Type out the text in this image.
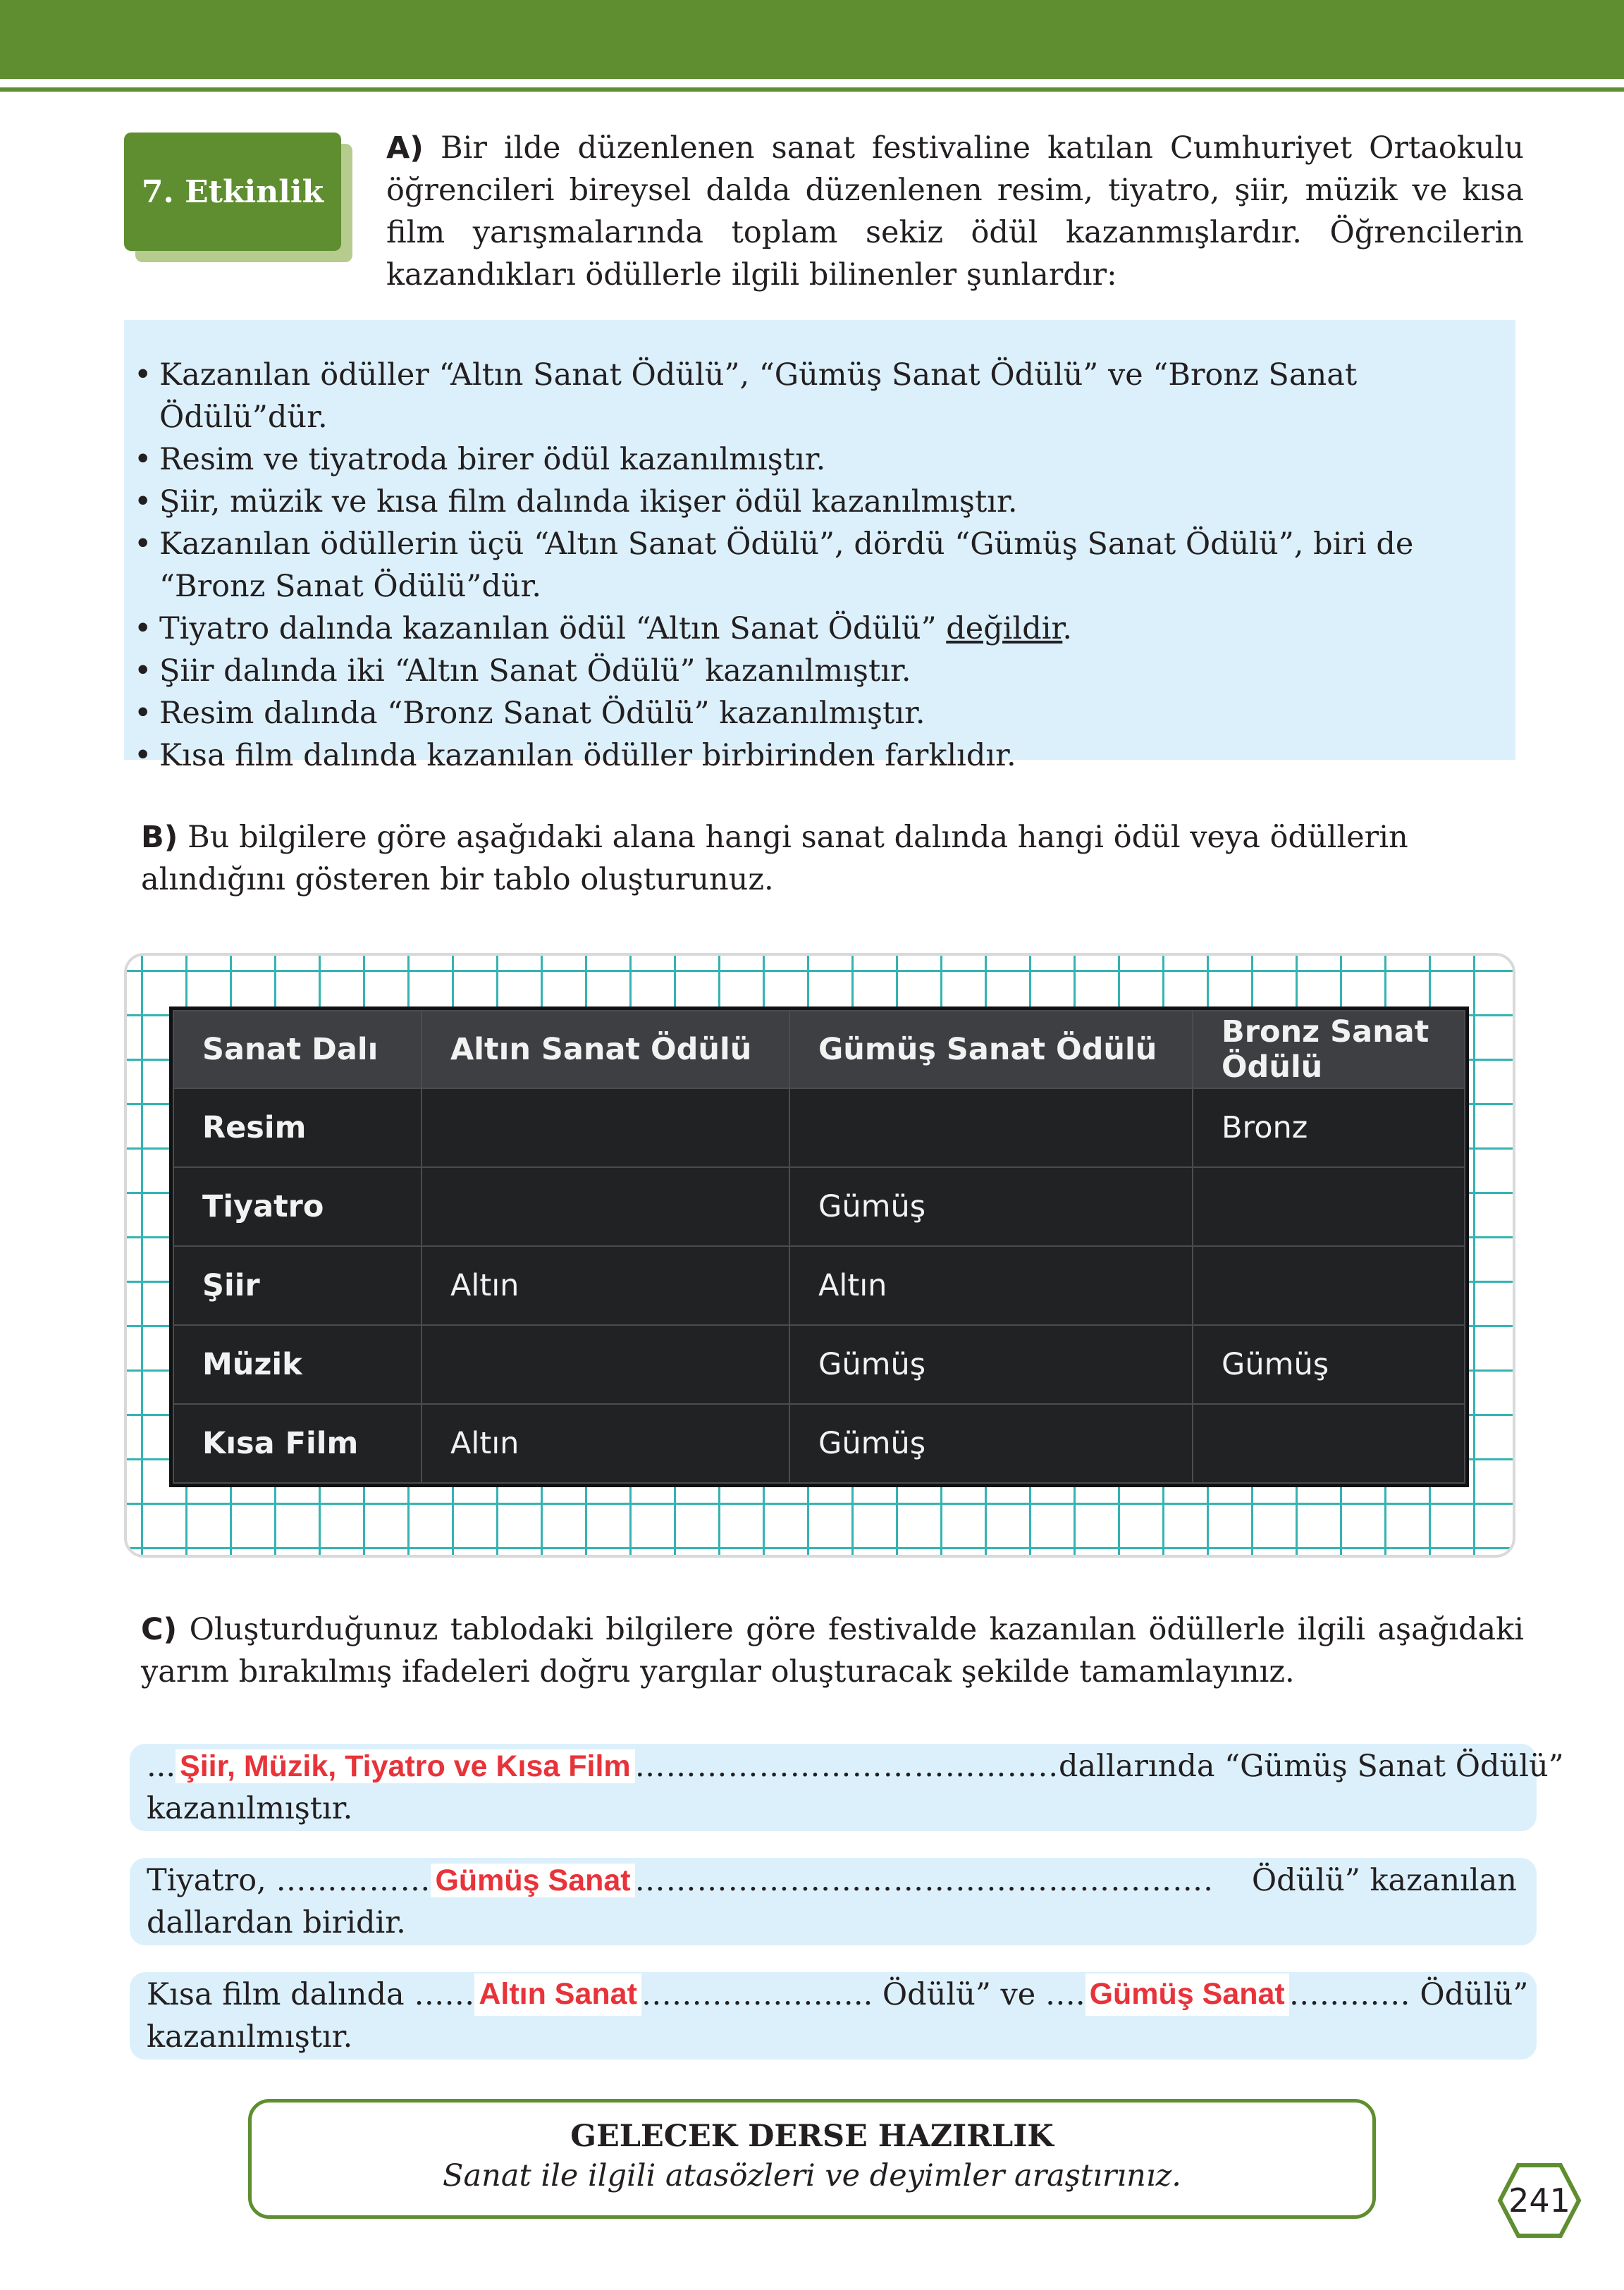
7. Etkinlik
A) Bir ilde düzenlenen sanat festivaline katılan Cumhuriyet Ortaokulu öğrencileri bireysel dalda düzenlenen resim, tiyatro, şiir, müzik ve kısa film yarışmalarında toplam sekiz ödül kazanmışlardır. Öğrencilerin kazandıkları ödüllerle ilgili bilinenler şunlardır:
• Kazanılan ödüller “Altın Sanat Ödülü”, “Gümüş Sanat Ödülü” ve “Bronz Sanat Ödülü”dür.
• Resim ve tiyatroda birer ödül kazanılmıştır.
• Şiir, müzik ve kısa film dalında ikişer ödül kazanılmıştır.
• Kazanılan ödüllerin üçü “Altın Sanat Ödülü”, dördü “Gümüş Sanat Ödülü”, biri de “Bronz Sanat Ödülü”dür.
• Tiyatro dalında kazanılan ödül “Altın Sanat Ödülü” değildir.
• Şiir dalında iki “Altın Sanat Ödülü” kazanılmıştır.
• Resim dalında “Bronz Sanat Ödülü” kazanılmıştır.
• Kısa film dalında kazanılan ödüller birbirinden farklıdır.
B) Bu bilgilere göre aşağıdaki alana hangi sanat dalında hangi ödül veya ödüllerin alındığını gösteren bir tablo oluşturunuz.
Sanat Dalı	Altın Sanat Ödülü	Gümüş Sanat Ödülü	Bronz Sanat Ödülü
Resim			Bronz
Tiyatro		Gümüş	
Şiir	Altın	Altın	
Müzik		Gümüş	Gümüş
Kısa Film	Altın	Gümüş	
C) Oluşturduğunuz tablodaki bilgilere göre festivalde kazanılan ödüllerle ilgili aşağıdaki yarım bırakılmış ifadeleri doğru yargılar oluşturacak şekilde tamamlayınız.
... Şiir, Müzik, Tiyatro ve Kısa Film ………………………………….. dallarında “Gümüş Sanat Ödülü”
kazanılmıştır.
Tiyatro, …………… Gümüş Sanat …………….…………………………………. Ödülü” kazanılan
dallardan biridir.
Kısa film dalında …… Altın Sanat ………………….. Ödülü” ve …. Gümüş Sanat ………… Ödülü”
kazanılmıştır.
GELECEK DERSE HAZIRLIK
Sanat ile ilgili atasözleri ve deyimler araştırınız.
241
